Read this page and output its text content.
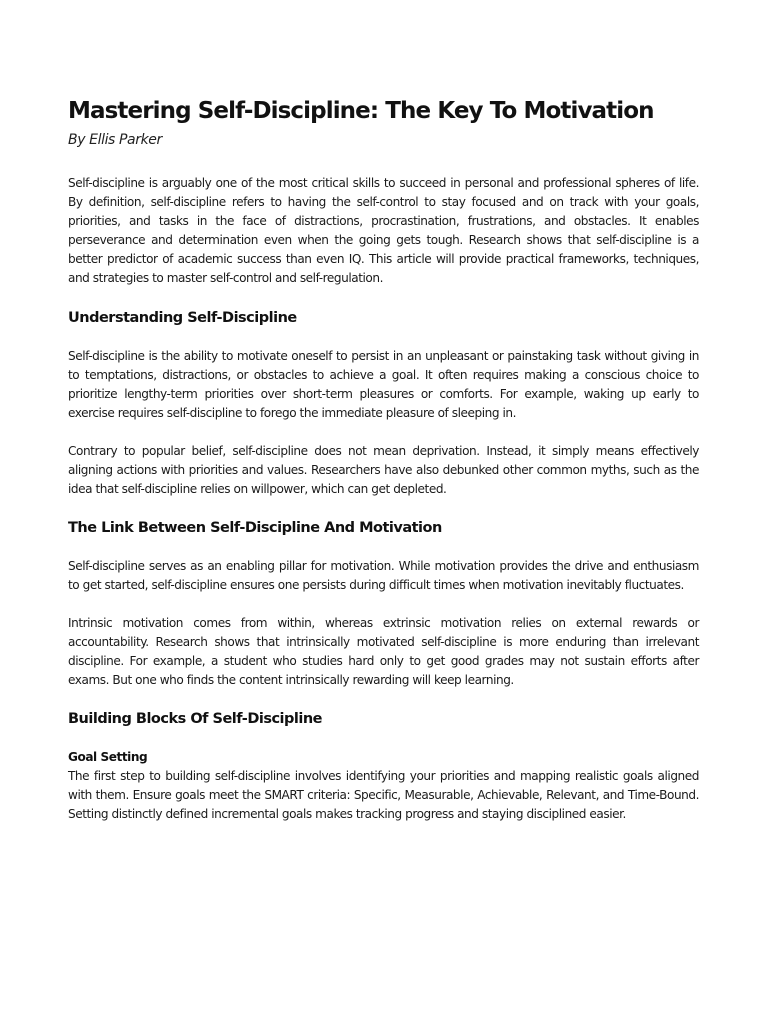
Mastering Self-Discipline: The Key To Motivation
By Ellis Parker

Self-discipline is arguably one of the most critical skills to succeed in personal and professional spheres of life. By definition, self-discipline refers to having the self-control to stay focused and on track with your goals, priorities, and tasks in the face of distractions, procrastination, frustrations, and obstacles. It enables perseverance and determination even when the going gets tough. Research shows that self-discipline is a better predictor of academic success than even IQ. This article will provide practical frameworks, techniques, and strategies to master self-control and self-regulation.

Understanding Self-Discipline

Self-discipline is the ability to motivate oneself to persist in an unpleasant or painstaking task without giving in to temptations, distractions, or obstacles to achieve a goal. It often requires making a conscious choice to prioritize lengthy-term priorities over short-term pleasures or comforts. For example, waking up early to exercise requires self-discipline to forego the immediate pleasure of sleeping in.

Contrary to popular belief, self-discipline does not mean deprivation. Instead, it simply means effectively aligning actions with priorities and values. Researchers have also debunked other common myths, such as the idea that self-discipline relies on willpower, which can get depleted.

The Link Between Self-Discipline And Motivation

Self-discipline serves as an enabling pillar for motivation. While motivation provides the drive and enthusiasm to get started, self-discipline ensures one persists during difficult times when motivation inevitably fluctuates.

Intrinsic motivation comes from within, whereas extrinsic motivation relies on external rewards or accountability. Research shows that intrinsically motivated self-discipline is more enduring than irrelevant discipline. For example, a student who studies hard only to get good grades may not sustain efforts after exams. But one who finds the content intrinsically rewarding will keep learning.

Building Blocks Of Self-Discipline
Goal Setting

The first step to building self-discipline involves identifying your priorities and mapping realistic goals aligned with them. Ensure goals meet the SMART criteria: Specific, Measurable, Achievable, Relevant, and Time-Bound. Setting distinctly defined incremental goals makes tracking progress and staying disciplined easier.
